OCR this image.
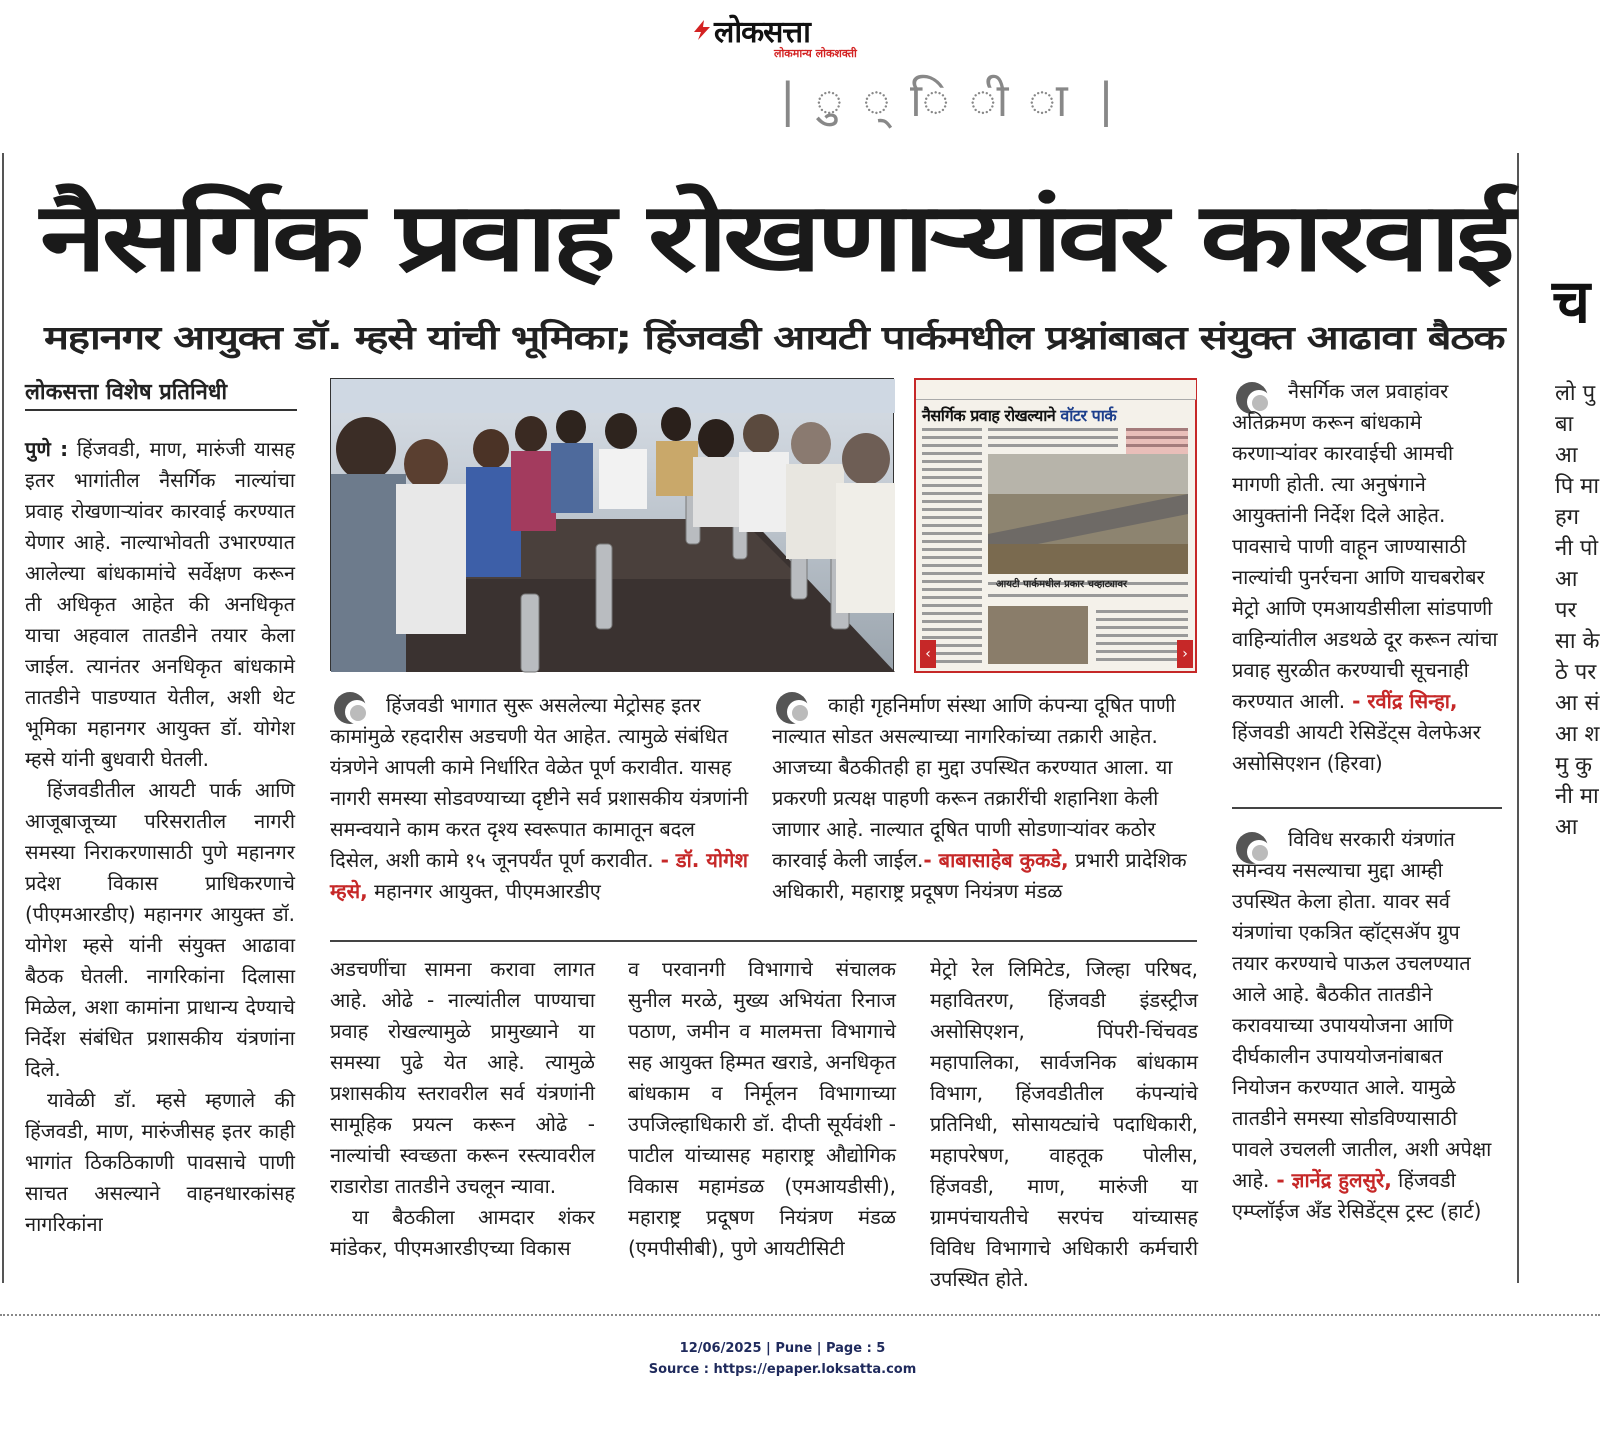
लोकसत्ता
लोकमान्य लोकशक्ती
| ु ् ि ी ा |
नैसर्गिक प्रवाह रोखणाऱ्यांवर कारवाई
महानगर आयुक्त डॉ. म्हसे यांची भूमिका; हिंजवडी आयटी पार्कमधील प्रश्नांबाबत संयुक्त आढावा बैठक
च
लो पु बा आ पि मा हग नी पो आ पर सा के ठे पर आ सं आ श मु कु नी मा आ
लोकसत्ता विशेष प्रतिनिधी

पुणे : हिंजवडी, माण, मारुंजी यासह इतर भागांतील नैसर्गिक नाल्यांचा प्रवाह रोखणाऱ्यांवर कारवाई करण्यात येणार आहे. नाल्याभोवती उभारण्यात आलेल्या बांधकामांचे सर्वेक्षण करून ती अधिकृत आहेत की अनधिकृत याचा अहवाल तातडीने तयार केला जाईल. त्यानंतर अनधिकृत बांधकामे तातडीने पाडण्यात येतील, अशी थेट भूमिका महानगर आयुक्त डॉ. योगेश म्हसे यांनी बुधवारी घेतली.

हिंजवडीतील आयटी पार्क आणि आजूबाजूच्या परिसरातील नागरी समस्या निराकरणासाठी पुणे महानगर प्रदेश विकास प्राधिकरणाचे (पीएमआरडीए) महानगर आयुक्त डॉ. योगेश म्हसे यांनी संयुक्त आढावा बैठक घेतली. नागरिकांना दिलासा मिळेल, अशा कामांना प्राधान्य देण्याचे निर्देश संबंधित प्रशासकीय यंत्रणांना दिले.

यावेळी डॉ. म्हसे म्हणाले की हिंजवडी, माण, मारुंजीसह इतर काही भागांत ठिकठिकाणी पावसाचे पाणी साचत असल्याने वाहनधारकांसह नागरिकांना

नैसर्गिक प्रवाह रोखल्याने वॉटर पार्क
आयटी पार्कमधील प्रकार चव्हाट्यावर
‹	›
हिंजवडी भागात सुरू असलेल्या मेट्रोसह इतर कामांमुळे रहदारीस अडचणी येत आहेत. त्यामुळे संबंधित यंत्रणेने आपली कामे निर्धारित वेळेत पूर्ण करावीत. यासह नागरी समस्या सोडवण्याच्या दृष्टीने सर्व प्रशासकीय यंत्रणांनी समन्वयाने काम करत दृश्य स्वरूपात कामातून बदल दिसेल, अशी कामे १५ जूनपर्यंत पूर्ण करावीत. - डॉ. योगेश म्हसे, महानगर आयुक्त, पीएमआरडीए
काही गृहनिर्माण संस्था आणि कंपन्या दूषित पाणी नाल्यात सोडत असल्याच्या नागरिकांच्या तक्रारी आहेत. आजच्या बैठकीतही हा मुद्दा उपस्थित करण्यात आला. या प्रकरणी प्रत्यक्ष पाहणी करून तक्रारींची शहानिशा केली जाणार आहे. नाल्यात दूषित पाणी सोडणाऱ्यांवर कठोर कारवाई केली जाईल.- बाबासाहेब कुकडे, प्रभारी प्रादेशिक अधिकारी, महाराष्ट्र प्रदूषण नियंत्रण मंडळ

अडचणींचा सामना करावा लागत आहे. ओढे - नाल्यांतील पाण्याचा प्रवाह रोखल्यामुळे प्रामुख्याने या समस्या पुढे येत आहे. त्यामुळे प्रशासकीय स्तरावरील सर्व यंत्रणांनी सामूहिक प्रयत्न करून ओढे - नाल्यांची स्वच्छता करून रस्त्यावरील राडारोडा तातडीने उचलून न्यावा.

या बैठकीला आमदार शंकर मांडेकर, पीएमआरडीएच्या विकास

व परवानगी विभागाचे संचालक सुनील मरळे, मुख्य अभियंता रिनाज पठाण, जमीन व मालमत्ता विभागाचे सह आयुक्त हिम्मत खराडे, अनधिकृत बांधकाम व निर्मूलन विभागाच्या उपजिल्हाधिकारी डॉ. दीप्ती सूर्यवंशी - पाटील यांच्यासह महाराष्ट्र औद्योगिक विकास महामंडळ (एमआयडीसी), महाराष्ट्र प्रदूषण नियंत्रण मंडळ (एमपीसीबी), पुणे आयटीसिटी

मेट्रो रेल लिमिटेड, जिल्हा परिषद, महावितरण, हिंजवडी इंडस्ट्रीज असोसिएशन, पिंपरी-चिंचवड महापालिका, सार्वजनिक बांधकाम विभाग, हिंजवडीतील कंपन्यांचे प्रतिनिधी, सोसायट्यांचे पदाधिकारी, महापरेषण, वाहतूक पोलीस, हिंजवडी, माण, मारुंजी या ग्रामपंचायतीचे सरपंच यांच्यासह विविध विभागाचे अधिकारी कर्मचारी उपस्थित होते.

नैसर्गिक जल प्रवाहांवर अतिक्रमण करून बांधकामे करणाऱ्यांवर कारवाईची आमची मागणी होती. त्या अनुषंगाने आयुक्तांनी निर्देश दिले आहेत. पावसाचे पाणी वाहून जाण्यासाठी नाल्यांची पुनर्रचना आणि याचबरोबर मेट्रो आणि एमआयडीसीला सांडपाणी वाहिन्यांतील अडथळे दूर करून त्यांचा प्रवाह सुरळीत करण्याची सूचनाही करण्यात आली. - रवींद्र सिन्हा, हिंजवडी आयटी रेसिडेंट्स वेलफेअर असोसिएशन (हिरवा)
विविध सरकारी यंत्रणांत समन्वय नसल्याचा मुद्दा आम्ही उपस्थित केला होता. यावर सर्व यंत्रणांचा एकत्रित व्हॉट्सॲप ग्रुप तयार करण्याचे पाऊल उचलण्यात आले आहे. बैठकीत तातडीने करावयाच्या उपाययोजना आणि दीर्घकालीन उपाययोजनांबाबत नियोजन करण्यात आले. यामुळे तातडीने समस्या सोडविण्यासाठी पावले उचलली जातील, अशी अपेक्षा आहे. - ज्ञानेंद्र हुलसुरे, हिंजवडी एम्प्लॉईज अँड रेसिडेंट्स ट्रस्ट (हार्ट)
12/06/2025 | Pune | Page : 5
Source : https://epaper.loksatta.com
